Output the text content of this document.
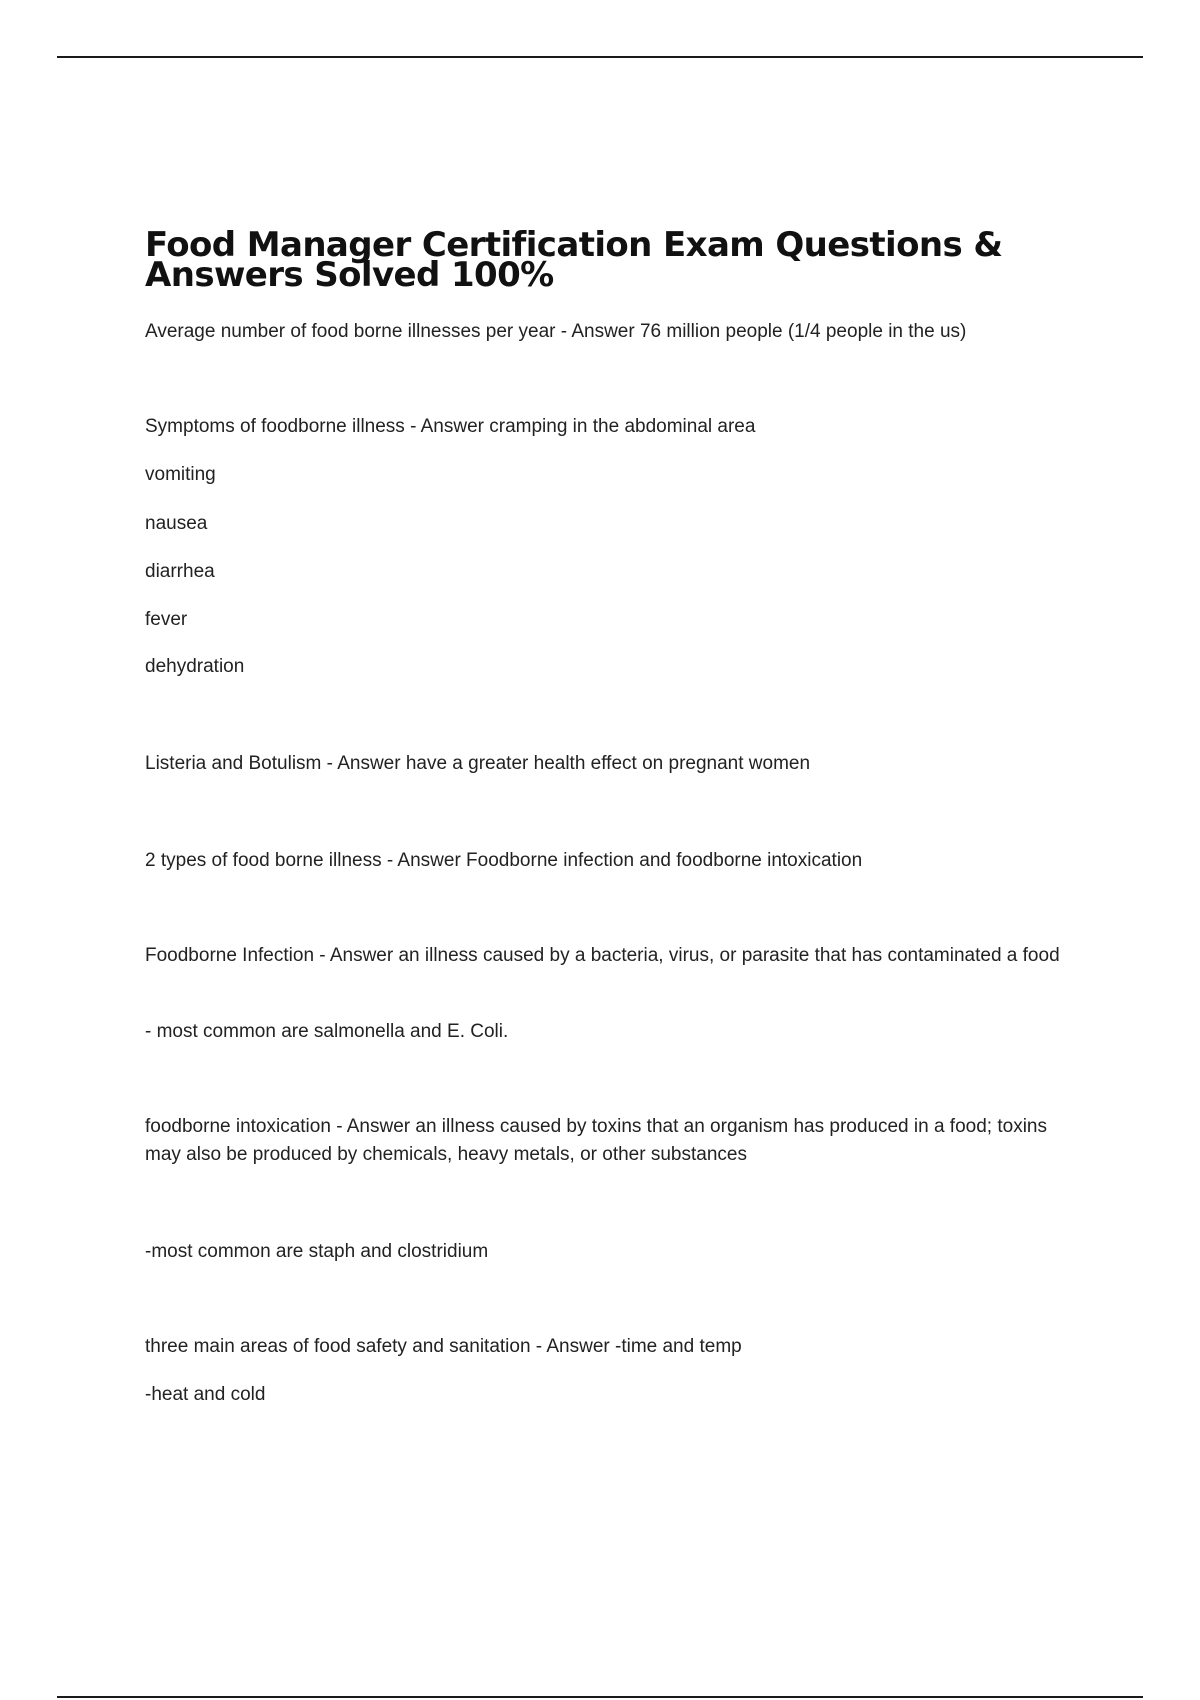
Food Manager Certification Exam Questions & Answers Solved 100%

Average number of food borne illnesses per year - Answer 76 million people (1/4 people in the us)

Symptoms of foodborne illness - Answer cramping in the abdominal area

vomiting

nausea

diarrhea

fever

dehydration

Listeria and Botulism - Answer have a greater health effect on pregnant women

2 types of food borne illness - Answer Foodborne infection and foodborne intoxication

Foodborne Infection - Answer an illness caused by a bacteria, virus, or parasite that has contaminated a food

- most common are salmonella and E. Coli.

foodborne intoxication - Answer an illness caused by toxins that an organism has produced in a food; toxins may also be produced by chemicals, heavy metals, or other substances

-most common are staph and clostridium

three main areas of food safety and sanitation - Answer -time and temp

-heat and cold
